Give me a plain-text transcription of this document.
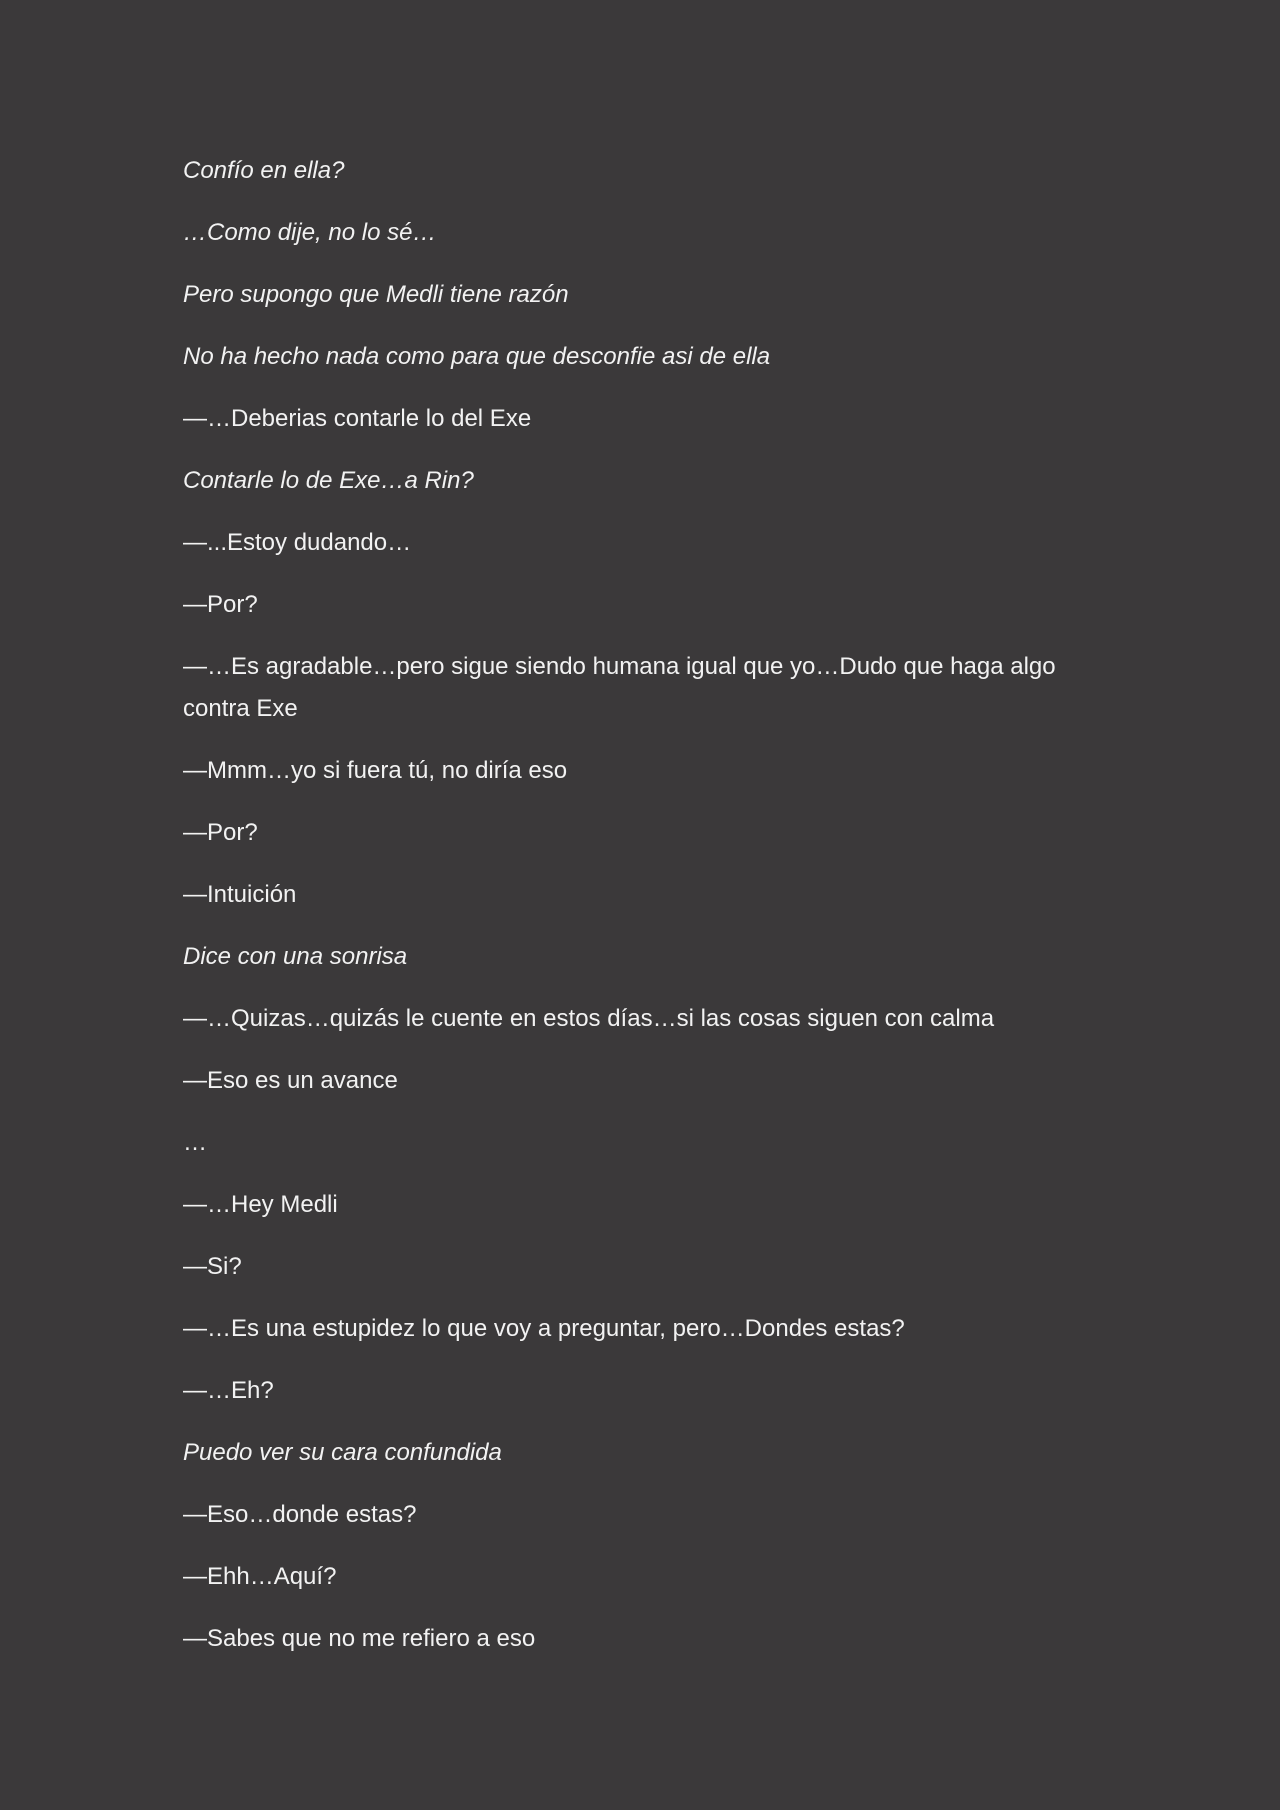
Confío en ella?

…Como dije, no lo sé…

Pero supongo que Medli tiene razón

No ha hecho nada como para que desconfie asi de ella

—…Deberias contarle lo del Exe

Contarle lo de Exe…a Rin?

—...Estoy dudando…

—Por?

—…Es agradable…pero sigue siendo humana igual que yo…Dudo que haga algo contra Exe

—Mmm…yo si fuera tú, no diría eso

—Por?

—Intuición

Dice con una sonrisa

—…Quizas…quizás le cuente en estos días…si las cosas siguen con calma

—Eso es un avance

…

—…Hey Medli

—Si?

—…Es una estupidez lo que voy a preguntar, pero…Dondes estas?

—…Eh?

Puedo ver su cara confundida

—Eso…donde estas?

—Ehh…Aquí?

—Sabes que no me refiero a eso
